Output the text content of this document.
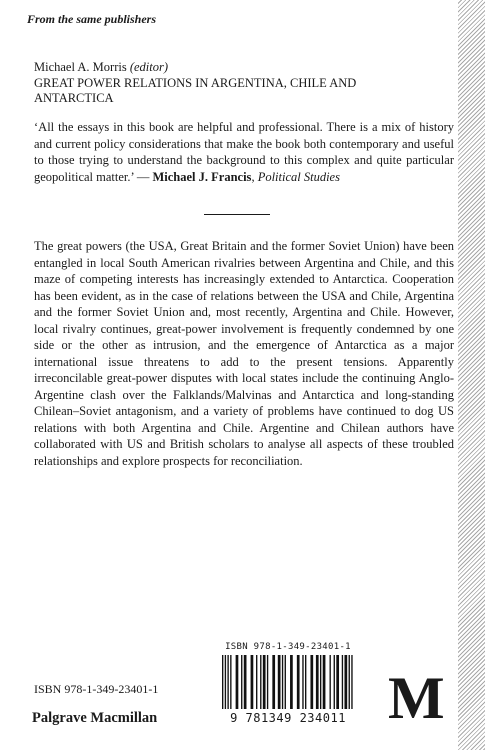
From the same publishers
Michael A. Morris (editor)
GREAT POWER RELATIONS IN ARGENTINA, CHILE AND
ANTARCTICA
‘All the essays in this book are helpful and professional. There is a mix of history and current policy considerations that make the book both contemporary and useful to those trying to understand the background to this complex and quite particular geopolitical matter.’ — Michael J. Francis, Political Studies
The great powers (the USA, Great Britain and the former Soviet Union) have been entangled in local South American rivalries between Argentina and Chile, and this maze of competing interests has increasingly extended to Antarctica. Cooperation has been evident, as in the case of relations between the USA and Chile, Argentina and the former Soviet Union and, most recently, Argentina and Chile. However, local rivalry continues, great-power involvement is frequently condemned by one side or the other as intrusion, and the emergence of Antarctica as a major international issue threatens to add to the present tensions. Apparently irreconcilable great-power disputes with local states include the continuing Anglo-Argentine clash over the Falklands/Malvinas and Antarctica and long-standing Chilean–Soviet antagonism, and a variety of problems have continued to dog US relations with both Argentina and Chile. Argentine and Chilean authors have collaborated with US and British scholars to analyse all aspects of these troubled relationships and explore prospects for reconciliation.
ISBN 978-1-349-23401-1
Palgrave Macmillan
ISBN 978-1-349-23401-1
9 781349 234011 M
